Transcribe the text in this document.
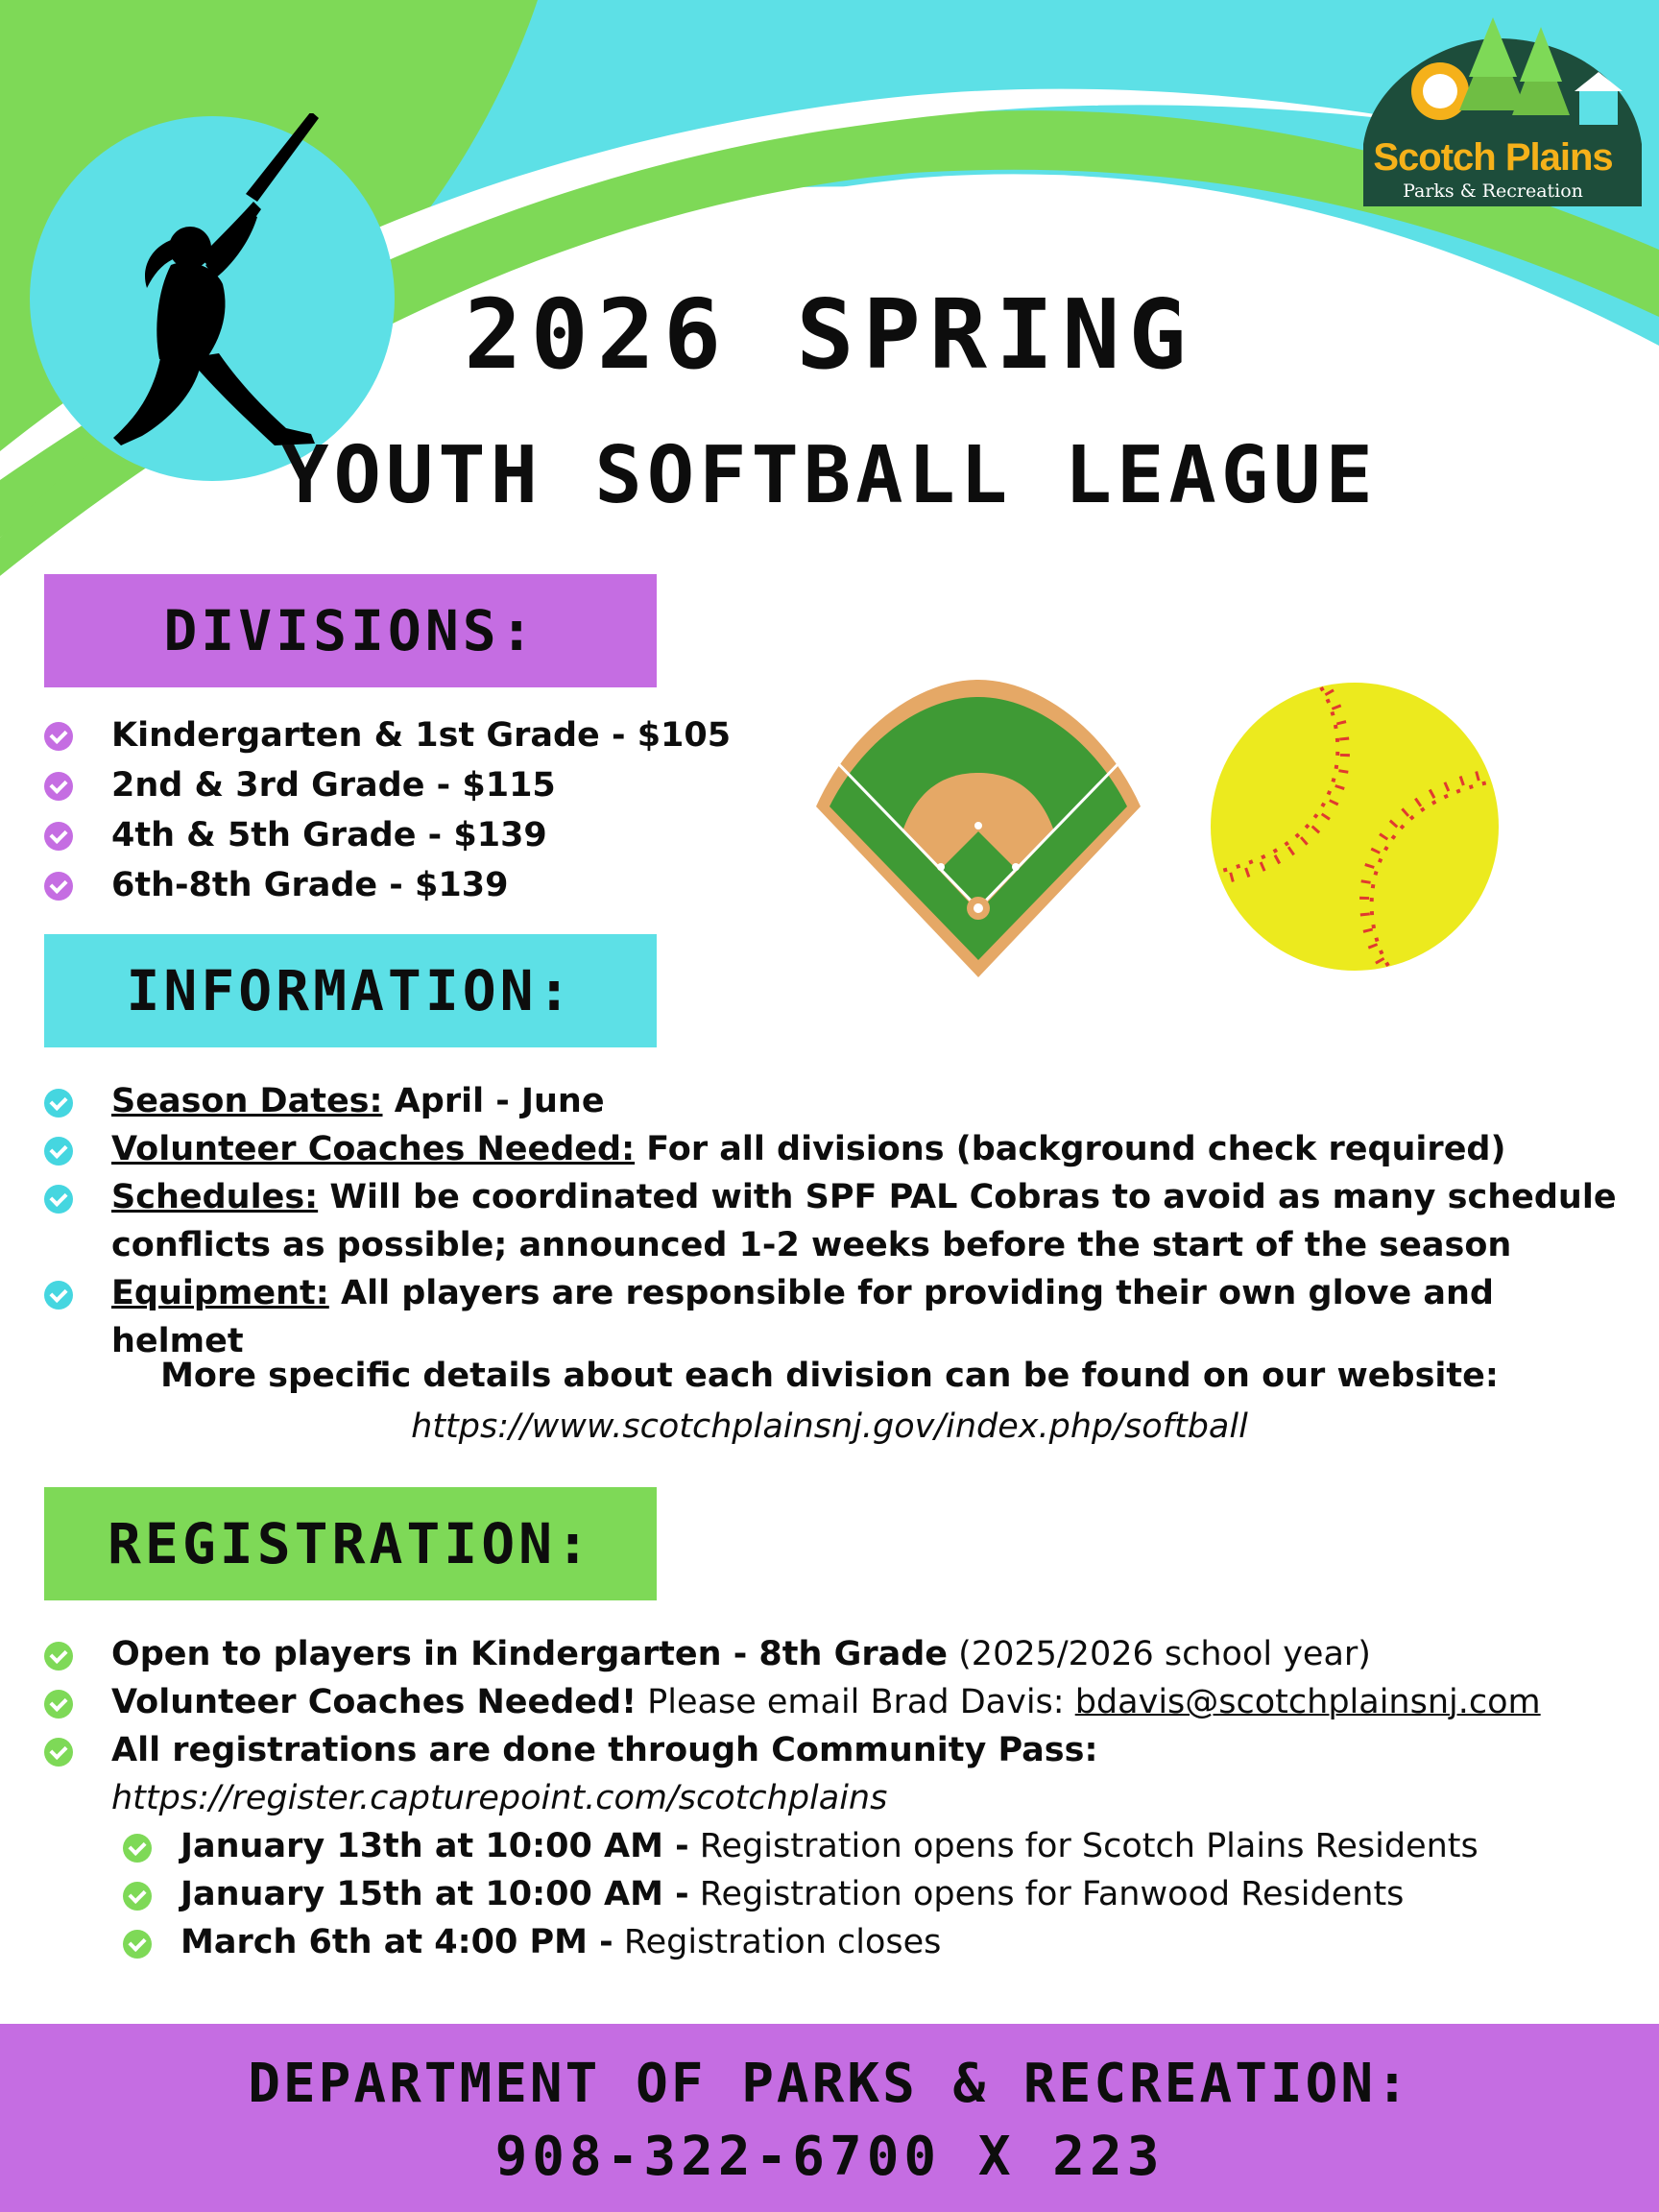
Scotch Plains
Parks & Recreation
2026 SPRING
YOUTH SOFTBALL LEAGUE
DIVISIONS:
Kindergarten & 1st Grade - $105
2nd & 3rd Grade - $115
4th & 5th Grade - $139
6th-8th Grade - $139
INFORMATION:
Season Dates: April - June
Volunteer Coaches Needed: For all divisions (background check required)
Schedules: Will be coordinated with SPF PAL Cobras to avoid as many schedule conflicts as possible; announced 1-2 weeks before the start of the season
Equipment: All players are responsible for providing their own glove and helmet
More specific details about each division can be found on our website:
https://www.scotchplainsnj.gov/index.php/softball
REGISTRATION:
Open to players in Kindergarten - 8th Grade (2025/2026 school year)
Volunteer Coaches Needed! Please email Brad Davis: bdavis@scotchplainsnj.com
All registrations are done through Community Pass:
https://register.capturepoint.com/scotchplains
January 13th at 10:00 AM - Registration opens for Scotch Plains Residents
January 15th at 10:00 AM - Registration opens for Fanwood Residents
March 6th at 4:00 PM - Registration closes
DEPARTMENT OF PARKS & RECREATION:
908-322-6700 X 223
